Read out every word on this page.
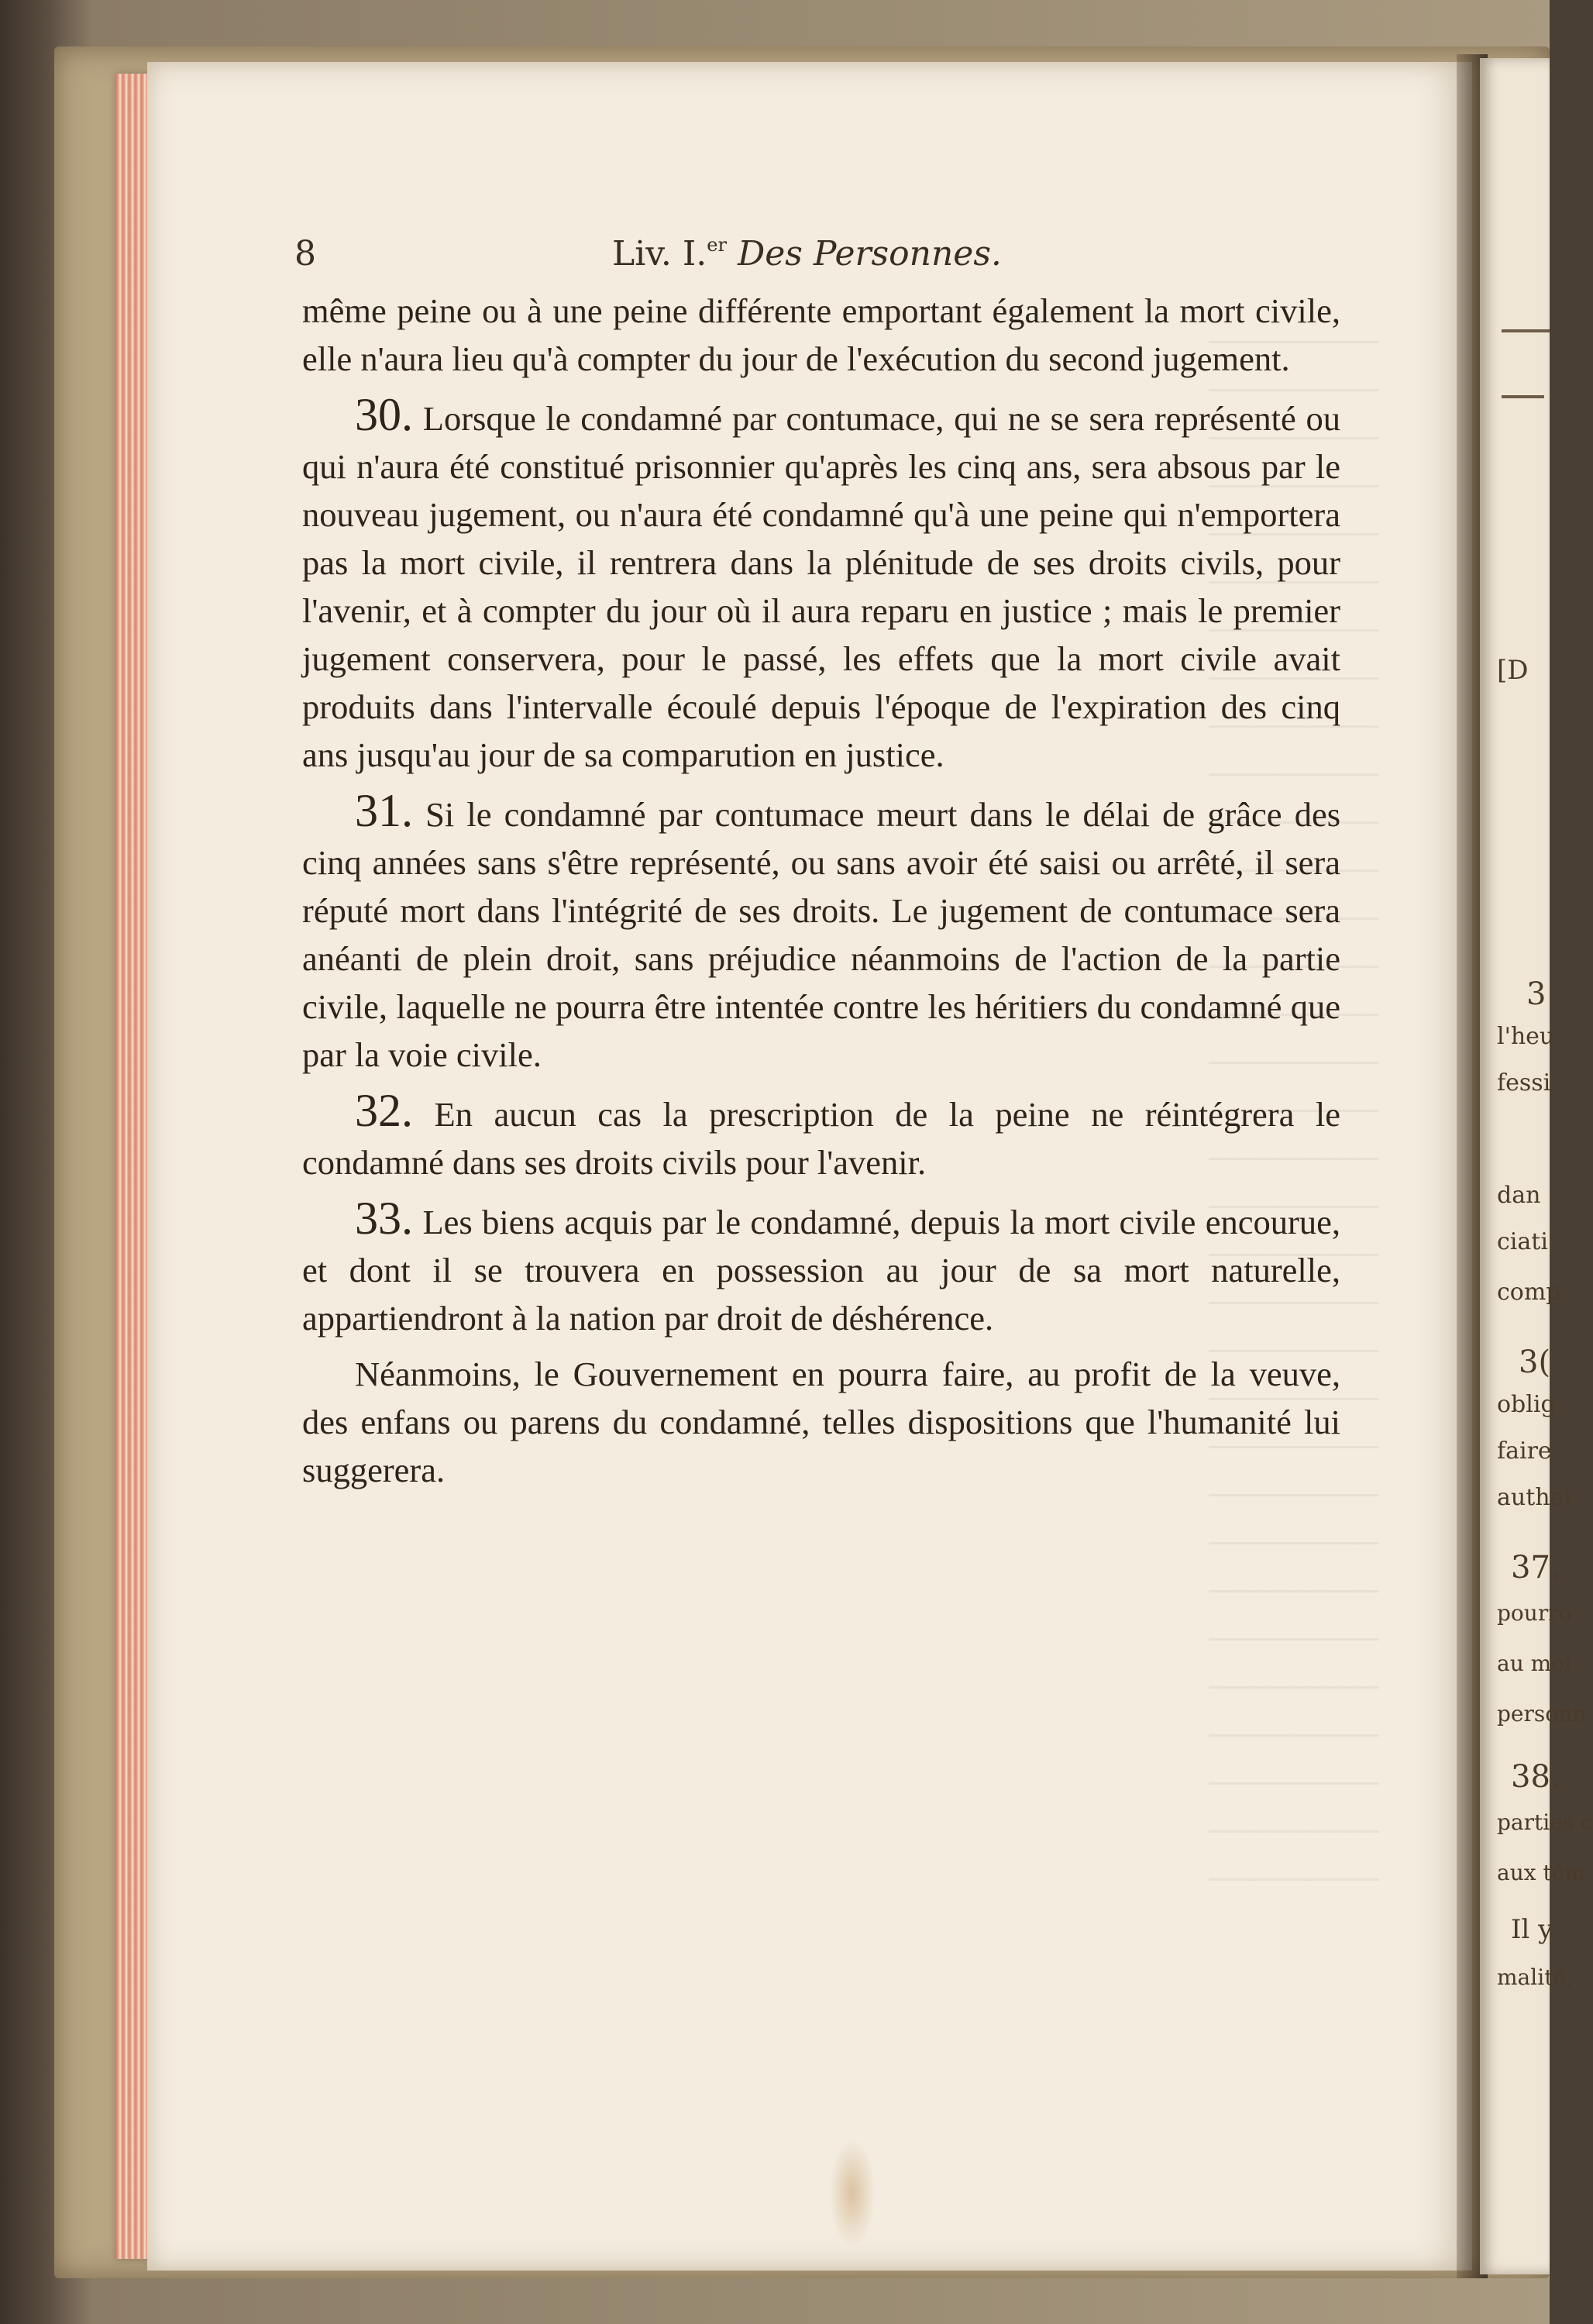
8	Liv. I.$^{er}$ Des Personnes.

même peine ou à une peine différente emportant également la mort civile, elle n'aura lieu qu'à compter du jour de l'exécution du second jugement.

30. Lorsque le condamné par contumace, qui ne se sera représenté ou qui n'aura été constitué prisonnier qu'après les cinq ans, sera absous par le nouveau jugement, ou n'aura été condamné qu'à une peine qui n'emportera pas la mort civile, il rentrera dans la plénitude de ses droits civils, pour l'avenir, et à compter du jour où il aura reparu en justice ; mais le premier jugement conservera, pour le passé, les effets que la mort civile avait produits dans l'intervalle écoulé depuis l'époque de l'expiration des cinq ans jusqu'au jour de sa comparution en justice.

31. Si le condamné par contumace meurt dans le délai de grâce des cinq années sans s'être représenté, ou sans avoir été saisi ou arrêté, il sera réputé mort dans l'intégrité de ses droits. Le jugement de contumace sera anéanti de plein droit, sans préjudice néanmoins de l'action de la partie civile, laquelle ne pourra être intentée contre les héritiers du condamné que par la voie civile.

32. En aucun cas la prescription de la peine ne réintégrera le condamné dans ses droits civils pour l'avenir.

33. Les biens acquis par le condamné, depuis la mort civile encourue, et dont il se trouvera en possession au jour de sa mort naturelle, appartiendront à la nation par droit de déshérence.

Néanmoins, le Gouvernement en pourra faire, au profit de la veuve, des enfans ou parens du condamné, telles dispositions que l'humanité lui suggerera.

[D
3
l'heu
fessi
dan
ciati
comp
3(
oblig
faire
authei
37.
pourro
au moi
personn
38.
parties c
aux tém
Il y
malité,
